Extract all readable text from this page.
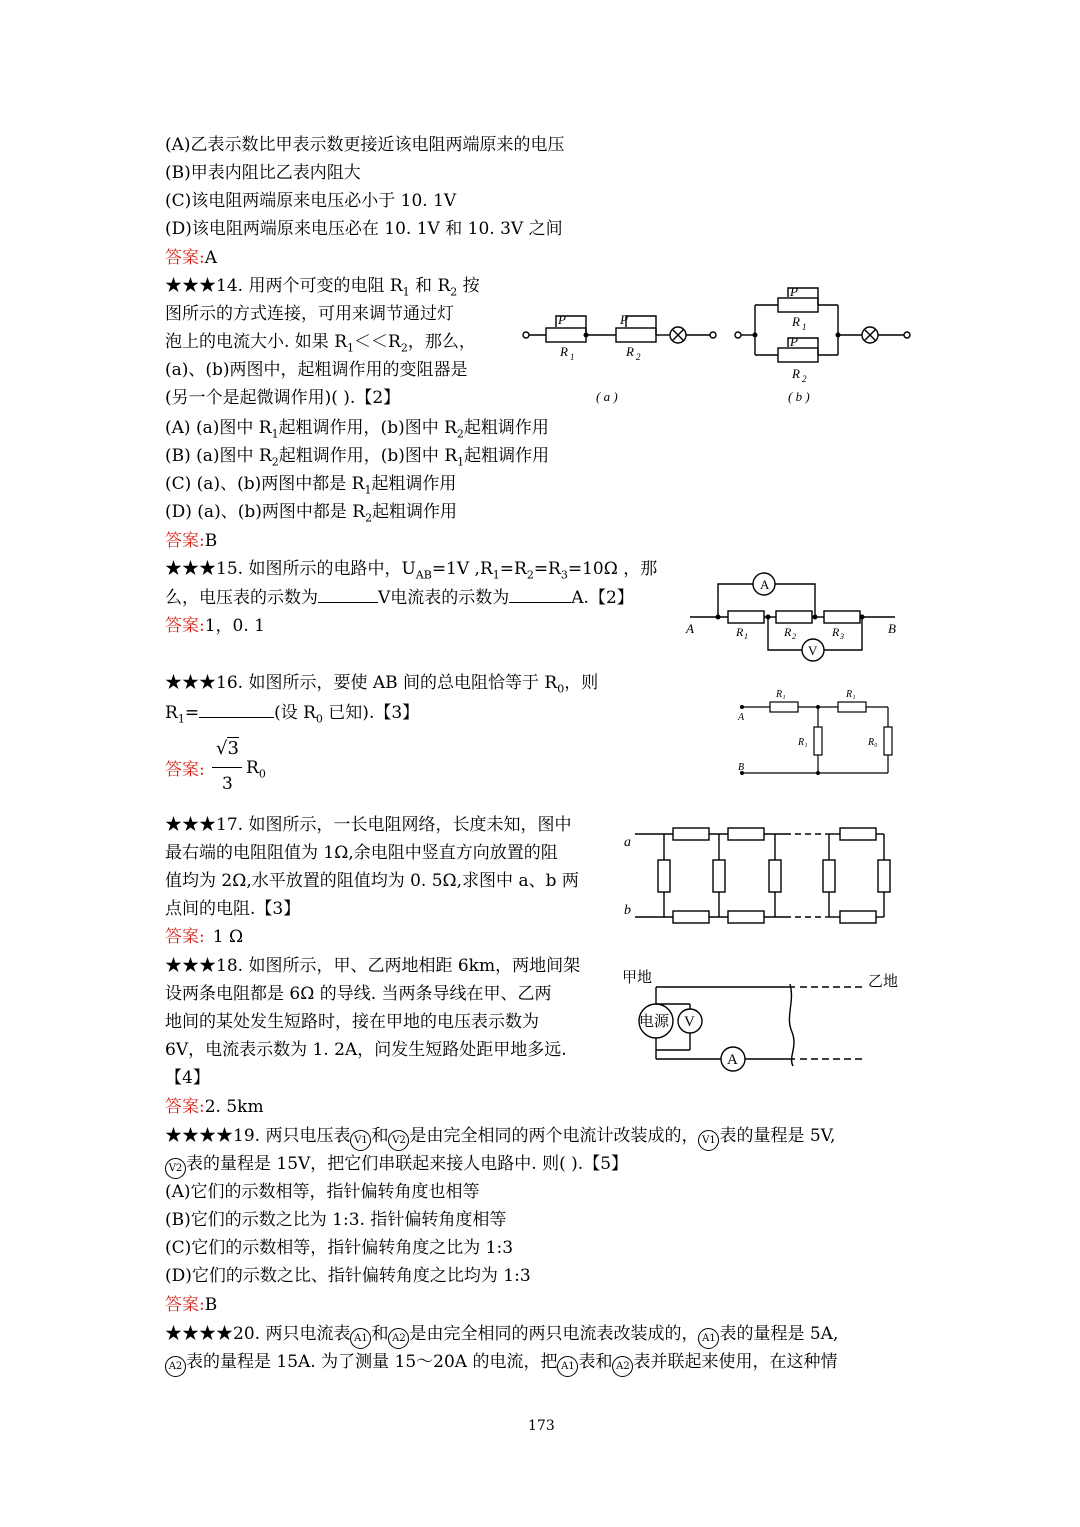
(A)乙表示数比甲表示数更接近该电阻两端原来的电压
(B)甲表内阻比乙表内阻大
(C)该电阻两端原来电压必小于 10. 1V
(D)该电阻两端原来电压必在 10. 1V 和 10. 3V 之间
答案:A
★★★14. 用两个可变的电阻 $R_1$ 和 $R_2$ 按
图所示的方式连接，可用来调节通过灯
泡上的电流大小. 如果 $R_1<<R_2$，那么，
(a)、(b)两图中，起粗调作用的变阻器是
(另一个是起微调作用)( ).【2】
(A) (a)图中 $R_1$起粗调作用，(b)图中 $R_2$起粗调作用
(B) (a)图中 $R_2$起粗调作用，(b)图中 $R_1$起粗调作用
(C) (a)、(b)两图中都是 $R_1$起粗调作用
(D) (a)、(b)两图中都是 $R_2$起粗调作用
答案:B
P	P
R 1	R 2
P
R 1
P
R 2
( a )	( b )
★★★15. 如图所示的电路中，$U_{AB}=1V$ $,R_1=R_2=R_3=10\Omega$ ，那
么，电压表的示数为	V电流表的示数为	A.【2】
答案:1，0. 1
A
V
A	B
R 1	R 2	R 3
★★★16. 如图所示，要使 AB 间的总电阻恰等于 $R_0$，则
$R_1=$	(设 $R_0$ 已知).【3】
答案:
√3
3
$R_0$
A
B
R₁	R₁
R₁	R₀
★★★17. 如图所示，一长电阻网络，长度未知，图中
最右端的电阻阻值为 1Ω,余电阻中竖直方向放置的阻
值均为 2Ω,水平放置的阻值均为 0. 5Ω,求图中 a、b 两
点间的电阻.【3】
答案: 1 Ω
a
b
★★★18. 如图所示，甲、乙两地相距 6km，两地间架
设两条电阻都是 6Ω 的导线. 当两条导线在甲、乙两
地间的某处发生短路时，接在甲地的电压表示数为
6V，电流表示数为 1. 2A，问发生短路处距甲地多远.
【4】
答案:2. 5km
甲地	乙地
电源 V
A
★★★★19. 两只电压表 V1 和 V2 是由完全相同的两个电流计改装成的， V1 表的量程是 5V,
V2 表的量程是 15V，把它们串联起来接人电路中. 则( ).【5】
(A)它们的示数相等，指针偏转角度也相等
(B)它们的示数之比为 1:3. 指针偏转角度相等
(C)它们的示数相等，指针偏转角度之比为 1:3
(D)它们的示数之比、指针偏转角度之比均为 1:3
答案:B
★★★★20. 两只电流表 A1 和 A2 是由完全相同的两只电流表改装成的， A1 表的量程是 5A,
A2 表的量程是 15A. 为了测量 15～20A 的电流，把 A1 表和 A2 表并联起来使用，在这种情
173
